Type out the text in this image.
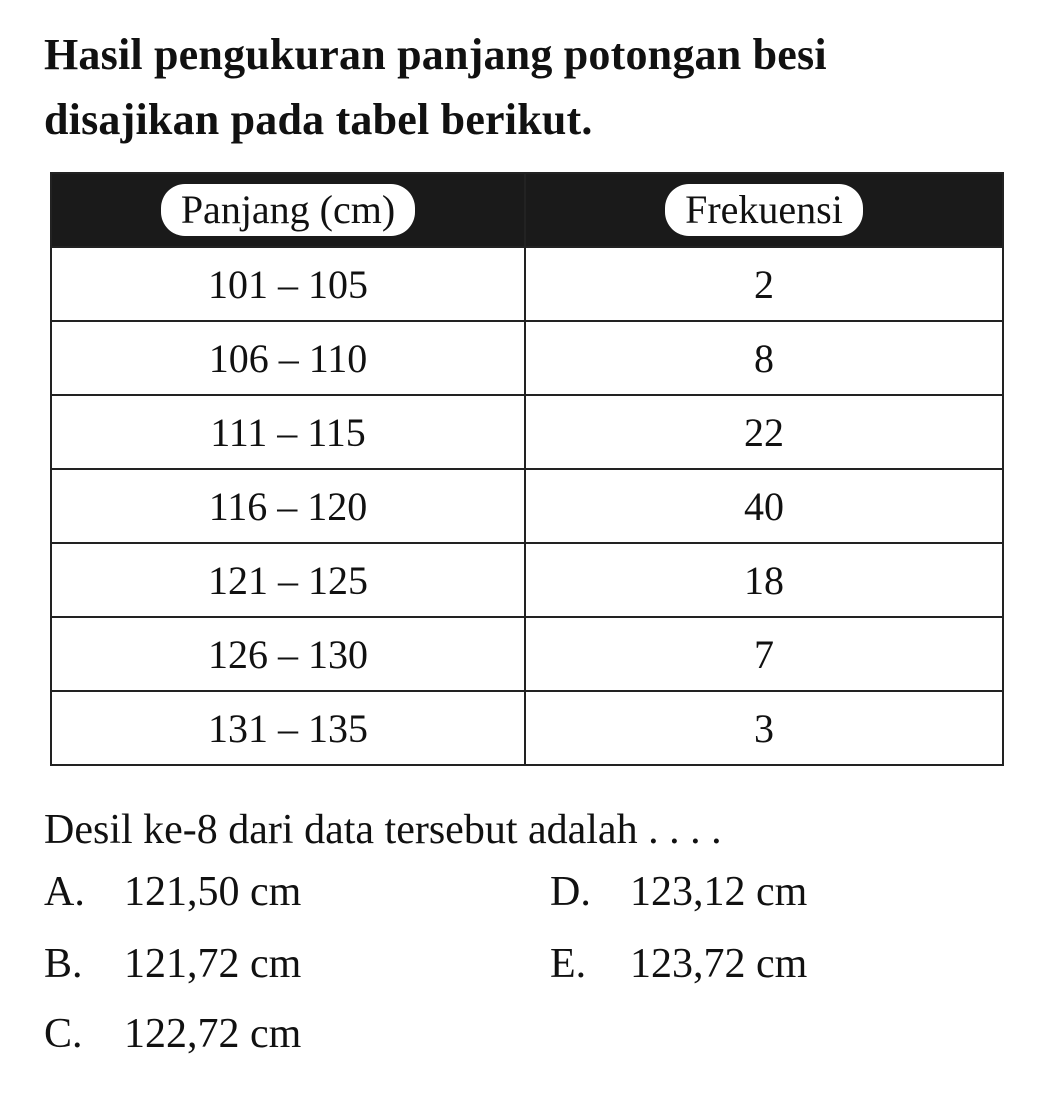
Hasil pengukuran panjang potongan besi
disajikan pada tabel berikut.
Panjang (cm)	Frekuensi
101 – 105	2
106 – 110	8
111 – 115	22
116 – 120	40
121 – 125	18
126 – 130	7
131 – 135	3
Desil ke-8 dari data tersebut adalah . . . .
A. 121,50 cm
B. 121,72 cm
C. 122,72 cm
D. 123,12 cm
E. 123,72 cm
